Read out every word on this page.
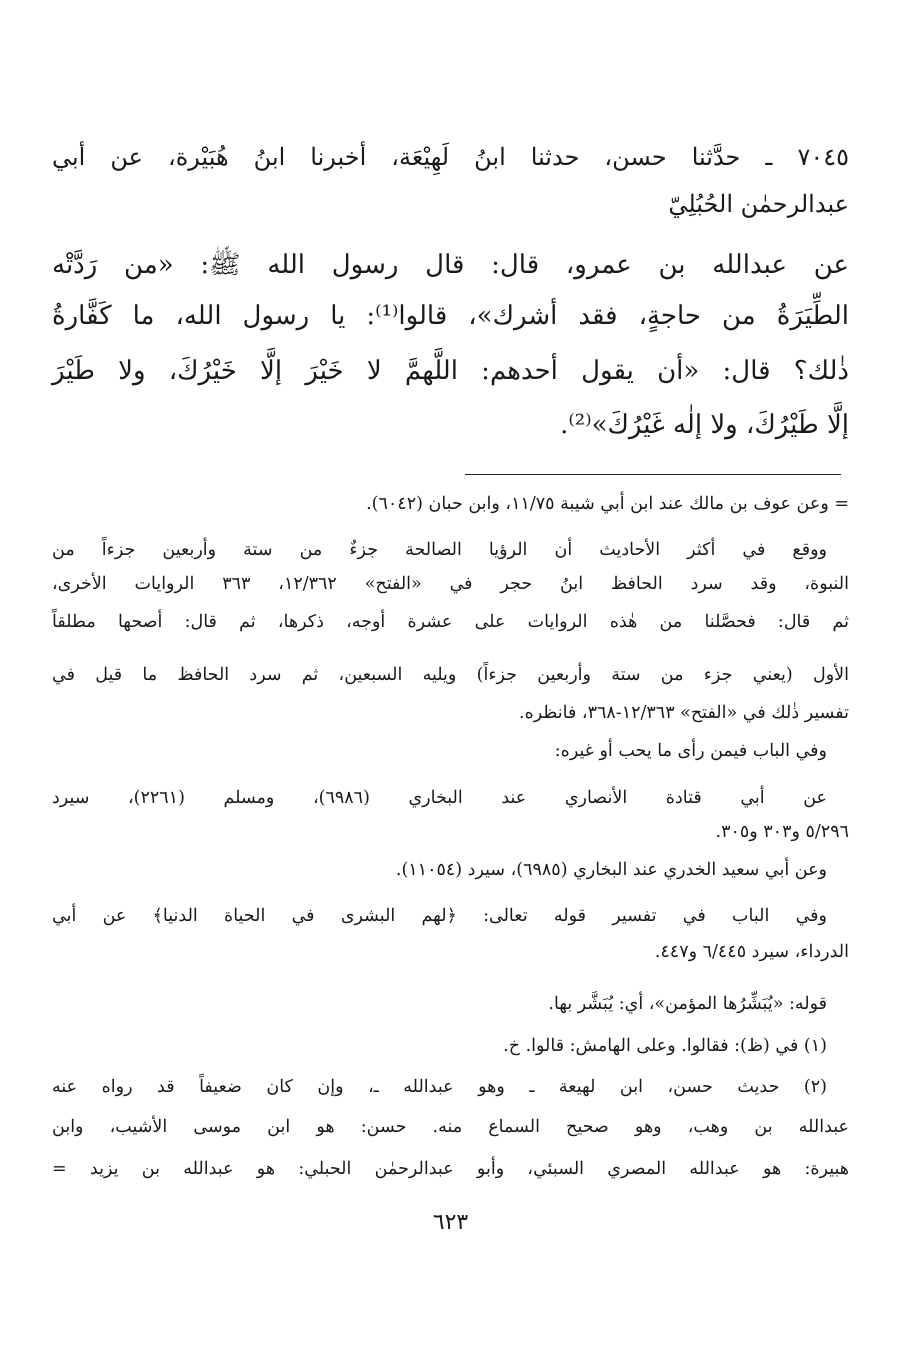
٧٠٤٥ ـ حدَّثنا حسن، حدثنا ابنُ لَهِيْعَة، أخبرنا ابنُ هُبَيْرة، عن أبي
عبدالرحمٰن الحُبُلِيّ
عن عبدالله بن عمرو، قال: قال رسول الله ﷺ: «من رَدَّتْه
الطِّيَرَةُ من حاجةٍ، فقد أشرك»، قالوا⁽¹⁾: يا رسول الله، ما كَفَّارةُ
ذٰلك؟ قال: «أن يقول أحدهم: اللَّهمَّ لا خَيْرَ إلَّا خَيْرُكَ، ولا طَيْرَ
إلَّا طَيْرُكَ، ولا إلٰه غَيْرُكَ»⁽²⁾.
= وعن عوف بن مالك عند ابن أبي شيبة ١١/٧٥، وابن حبان (٦٠٤٢).
ووقع في أكثر الأحاديث أن الرؤيا الصالحة جزءٌ من ستة وأربعين جزءاً من
النبوة، وقد سرد الحافظ ابنُ حجر في «الفتح» ١٢/٣٦٢، ٣٦٣ الروايات الأخرى،
ثم قال: فحصَّلنا من هٰذه الروايات على عشرة أوجه، ذكرها، ثم قال: أصحها مطلقاً
الأول (يعني جزء من ستة وأربعين جزءاً) ويليه السبعين، ثم سرد الحافظ ما قيل في
تفسير ذٰلك في «الفتح» ١٢/٣٦٣-٣٦٨، فانظره.
وفي الباب فيمن رأى ما يحب أو غيره:
عن أبي قتادة الأنصاري عند البخاري (٦٩٨٦)، ومسلم (٢٢٦١)، سيرد
٥/٢٩٦ و٣٠٣ و٣٠٥.
وعن أبي سعيد الخدري عند البخاري (٦٩٨٥)، سيرد (١١٠٥٤).
وفي الباب في تفسير قوله تعالى: ﴿لهم البشرى في الحياة الدنيا﴾ عن أبي
الدرداء، سيرد ٦/٤٤٥ و٤٤٧.
قوله: «يُبَشِّرُها المؤمن»، أي: يُبَشَّر بها.
(١) في (ظ): فقالوا. وعلى الهامش: قالوا. خ.
(٢) حديث حسن، ابن لهيعة ـ وهو عبدالله ـ، وإن كان ضعيفاً قد رواه عنه
عبدالله بن وهب، وهو صحيح السماع منه. حسن: هو ابن موسى الأشيب، وابن
هبيرة: هو عبدالله المصري السبئي، وأبو عبدالرحمٰن الحبلي: هو عبدالله بن يزيد =
٦٢٣
